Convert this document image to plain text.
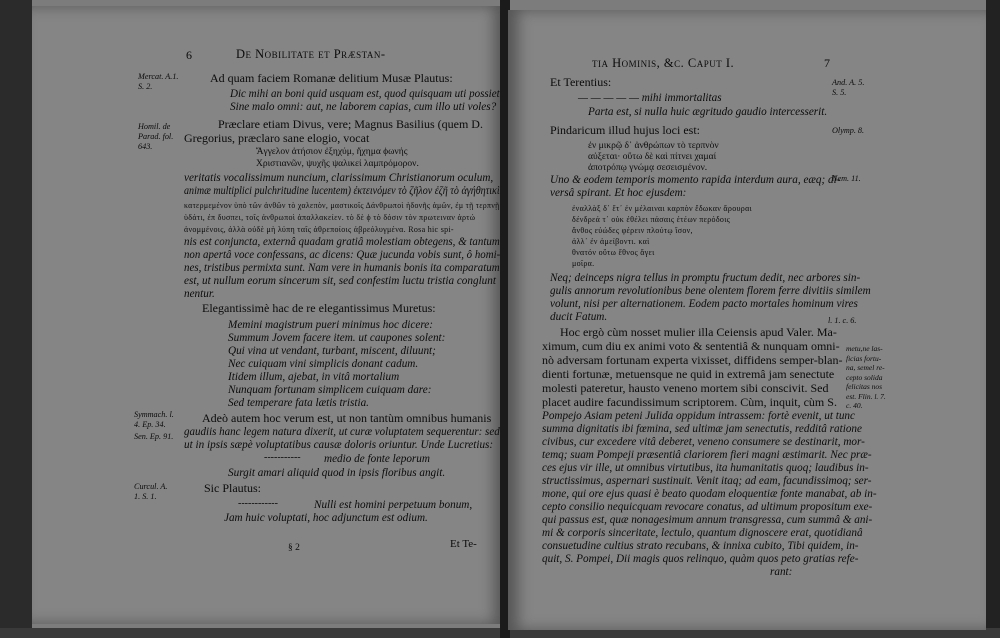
6	De Nobilitate et Præstan-
Mercat. A.1.
S. 2.
Homil. de
Parad. fol.
643.
Symmach. l.
4. Ep. 34.
Sen. Ep. 91.
Curcul. A.
1. S. 1.
Ad quam faciem Romanæ delitium Musæ Plautus:
Dic mihi an boni quid usquam est, quod quisquam uti possiet
Sine malo omni: aut, ne laborem capias, cum illo uti voles?
Præclare etiam Divus, vere; Magnus Basilius (quem D.
Gregorius, præclaro sane elogio, vocat
Ἄγγελον ἀτήσιον ἐξηχύμ, ἤχημα ϕωνής
Χριστιανῶν, ψυχῆς ψαλικεί λαμπρόμορον.
veritatis vocalissimum nuncium, clarissimum Christianorum oculum,
animæ multiplici pulchritudine lucentem) ἐκτεινόμεν τὸ ζῆλον ἐζῆ τὸ ἀγήθητικὶ
κατερμεμένον ὑπὸ τῶν ἀνθῶν τὸ χαλεπὸν, μαστικοῖς Δάνθρωποὶ ἡδονῆς ἀμῶν, ἐμ τῇ τερπνῇ
ὑδάτι, ἐπ δυσπει, τοῖς ἀνθρωποὶ ἀπαλλακείεν. τὸ δὲ ϕ τὸ δόσιν τὸν πρωτειναν ἀρτώ
ἀνομμένοις, ἀλλὰ οὐδὲ μὴ λύπη ταῖς ἀθρεποίοις ἀβρεόλυγμένα. Rosa hic spi-
nis est conjuncta, externâ quadam gratiâ molestiam obtegens, & tantum
non apertâ voce confessans, ac dicens: Quæ jucunda vobis sunt, ô homi-
nes, tristibus permixta sunt. Nam vere in humanis bonis ita comparatum
est, ut nullum eorum sincerum sit, sed confestim luctu tristia conglunt
nentur.
Elegantissimè hac de re elegantissimus Muretus:
Memini magistrum pueri minimus hoc dicere:
Summum Jovem facere item. ut caupones solent:
Qui vina ut vendant, turbant, miscent, diluunt;
Nec cuiquam vini simplicis donant cadum.
Itidem illum, ajebat, in vitâ mortalium
Nunquam fortunam simplicem cuiquam dare:
Sed temperare fata lætis tristia.
Adeò autem hoc verum est, ut non tantùm omnibus humanis
gaudiis hanc legem natura dixerit, ut curæ voluptatem sequerentur: sed
ut in ipsis sæpè voluptatibus causæ doloris oriuntur. Unde Lucretius:
----------- medio de fonte leporum
Surgit amari aliquid quod in ipsis floribus angit.
Sic Plautus:
------------	Nulli est homini perpetuum bonum,
Jam huic voluptati, hoc adjunctum est odium.
§ 2	Et Te-
tia Hominis, &c. Caput I.	7
And. A. 5.
S. 5.
Olymp. 8.
Nem. 11.
l. 1. c. 6.
metu,ne las-
ficias fortu-
na, semel re-
cepto solida
felicitas nos
est. Flin. l. 7.
c. 40.
Et Terentius:
— — — — — mihi immortalitas
Parta est, si nulla huic ægritudo gaudio intercesserit.
Pindaricum illud hujus loci est:
ἐν μικρῷ δ᾽ ἀνθρώπων τὸ τερπνὸν
αὐξεται· οὕτω δὲ καὶ πίτνει χαμαί
ἀποτρόπῳ γνώμᾳ σεσεισμένον.
Uno & eodem temporis momento rapida interdum aura, eæq; di-
versâ spirant. Et hoc ejusdem:
ἐναλλὰξ δ᾽ ἔτ᾽ ἐν μέλαιναι καρπὸν ἔδωκαν ἄρουραι
δένδρεά τ᾽ οὐκ ἐθέλει πάσαις ἐτέων περόδοις
ἄνθος εὐώδες φέρειν πλούτῳ ἴσον,
ἀλλ᾽ ἐν ἀμείβοντι. καὶ
θνατόν οὕτω ἔθνος ἄγει
μοῖρα.
Neq; deinceps nigra tellus in promptu fructum dedit, nec arbores sin-
gulis annorum revolutionibus bene olentem florem ferre divitiis similem
volunt, nisi per alternationem. Eodem pacto mortales hominum vires
ducit Fatum.
Hoc ergò cùm nosset mulier illa Ceiensis apud Valer. Ma-
ximum, cum diu ex animi voto & sententiâ & nunquam omni-
nò adversam fortunam experta vixisset, diffidens semper-blan-
dienti fortunæ, metuensque ne quid in extremâ jam senectute
molesti pateretur, hausto veneno mortem sibi conscivit. Sed
placet audire facundissimum scriptorem. Cùm, inquit, cùm S.
Pompejo Asiam peteni Julida oppidum intrassem: fortè evenit, ut tunc
summa dignitatis ibi fœmina, sed ultimæ jam senectutis, redditâ ratione
civibus, cur excedere vitâ deberet, veneno consumere se destinarit, mor-
temq; suam Pompeji præsentiâ clariorem fieri magni æstimarit. Nec præ-
ces ejus vir ille, ut omnibus virtutibus, ita humanitatis quoq; laudibus in-
structissimus, aspernari sustinuit. Venit itaq; ad eam, facundissimoq; ser-
mone, qui ore ejus quasi è beato quodam eloquentiæ fonte manabat, ab in-
cepto consilio nequicquam revocare conatus, ad ultimum propositum exe-
qui passus est, quæ nonagesimum annum transgressa, cum summâ & ani-
mi & corporis sinceritate, lectulo, quantum dignoscere erat, quotidianâ
consuetudine cultius strato recubans, & innixa cubito, Tibi quidem, in-
quit, S. Pompei, Dii magis quos relinquo, quàm quos peto gratias refe-
rant:
